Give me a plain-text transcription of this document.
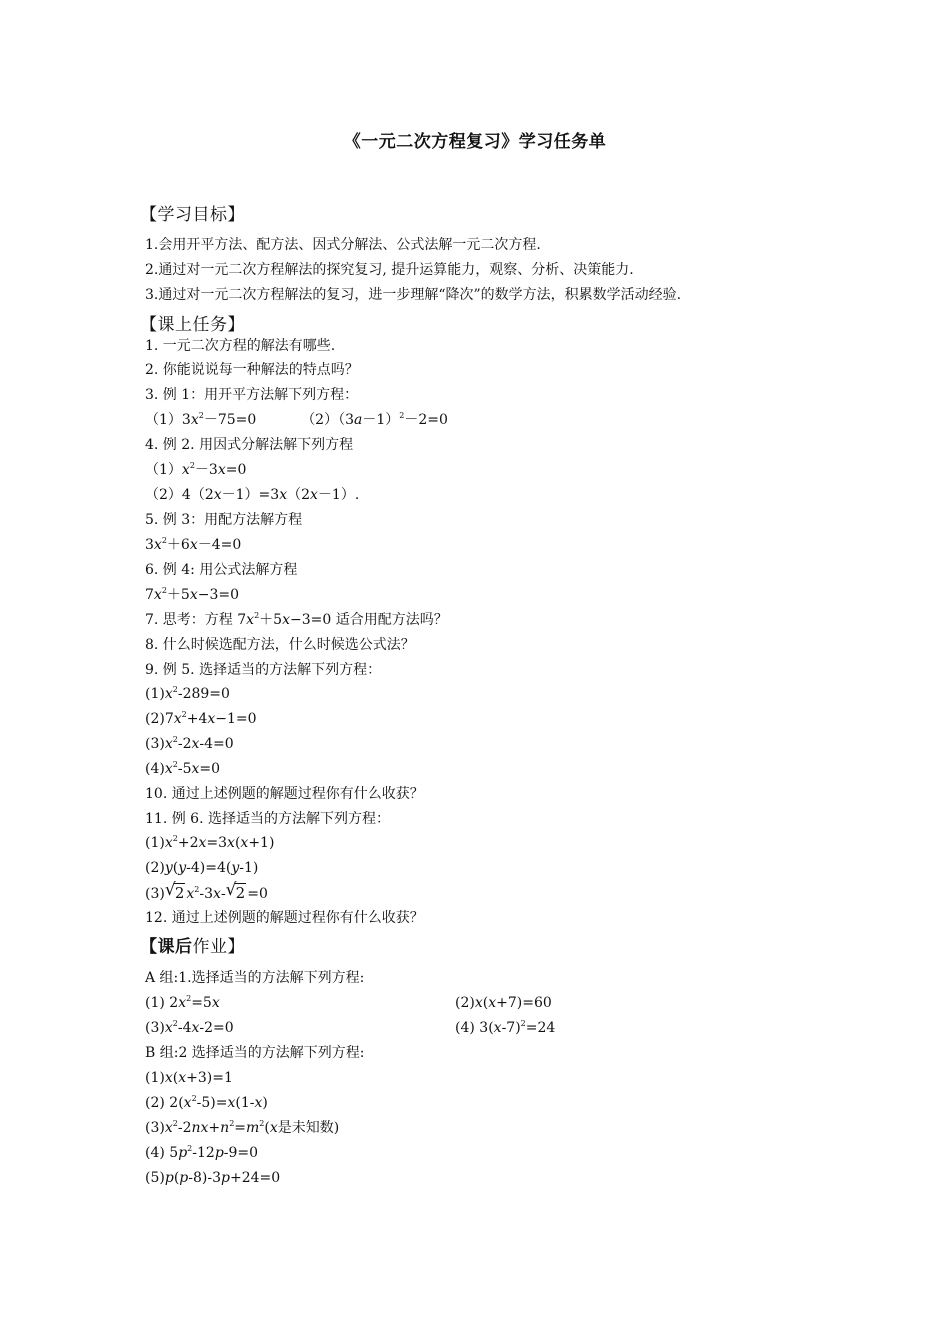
《一元二次方程复习》学习任务单
【学习目标】
1.会用开平方法、配方法、因式分解法、公式法解一元二次方程.
2.通过对一元二次方程解法的探究复习, 提升运算能力，观察、分析、决策能力.
3.通过对一元二次方程解法的复习，进一步理解“降次”的数学方法，积累数学活动经验.
【课上任务】
1. 一元二次方程的解法有哪些.
2. 你能说说每一种解法的特点吗？
3. 例 1：用开平方法解下列方程：
$(1)3x^2-75=0$	$(2)(3a-1)^2-2=0$
4. 例 2. 用因式分解法解下列方程
$(1)x^2-3x=0$
（2）4（2x－1）=3x（2x－1）.
5. 例 3：用配方法解方程
$3x^2+6x-4=0$
6. 例 4: 用公式法解方程
$7x^2+5x-3=0$
7. 思考：方程 $7x^2+5x-3=0$ 适合用配方法吗？
8. 什么时候选配方法，什么时候选公式法？
9. 例 5. 选择适当的方法解下列方程：
$(1)x^2-289=0$
$(2)7x^2+4x-1=0$
$(3)x^2-2x-4=0$
$(4)x^2-5x=0$
10. 通过上述例题的解题过程你有什么收获？
11. 例 6. 选择适当的方法解下列方程：
$(1)x^2+2x=3x(x+1)$
(2)y(y-4)=4(y-1)
(3) √ 2 $x^2-3x-$ √ 2 =0
12. 通过上述例题的解题过程你有什么收获？
【课后作业】
A 组:1.选择适当的方法解下列方程:
(1) $2x^2=5x$	(2)x(x+7)=60
$(3)x^2-4x-2=0$	(4) $3(x-7)^2=24$
B 组:2 选择适当的方法解下列方程:
(1)x(x+3)=1
(2) $2(x^2-5)=x(1-x)$
$(3)x^2-2nx+n^2=m^2(x$是未知数)
(4) $5p^2-12p-9=0$
(5)p(p-8)-3p+24=0
